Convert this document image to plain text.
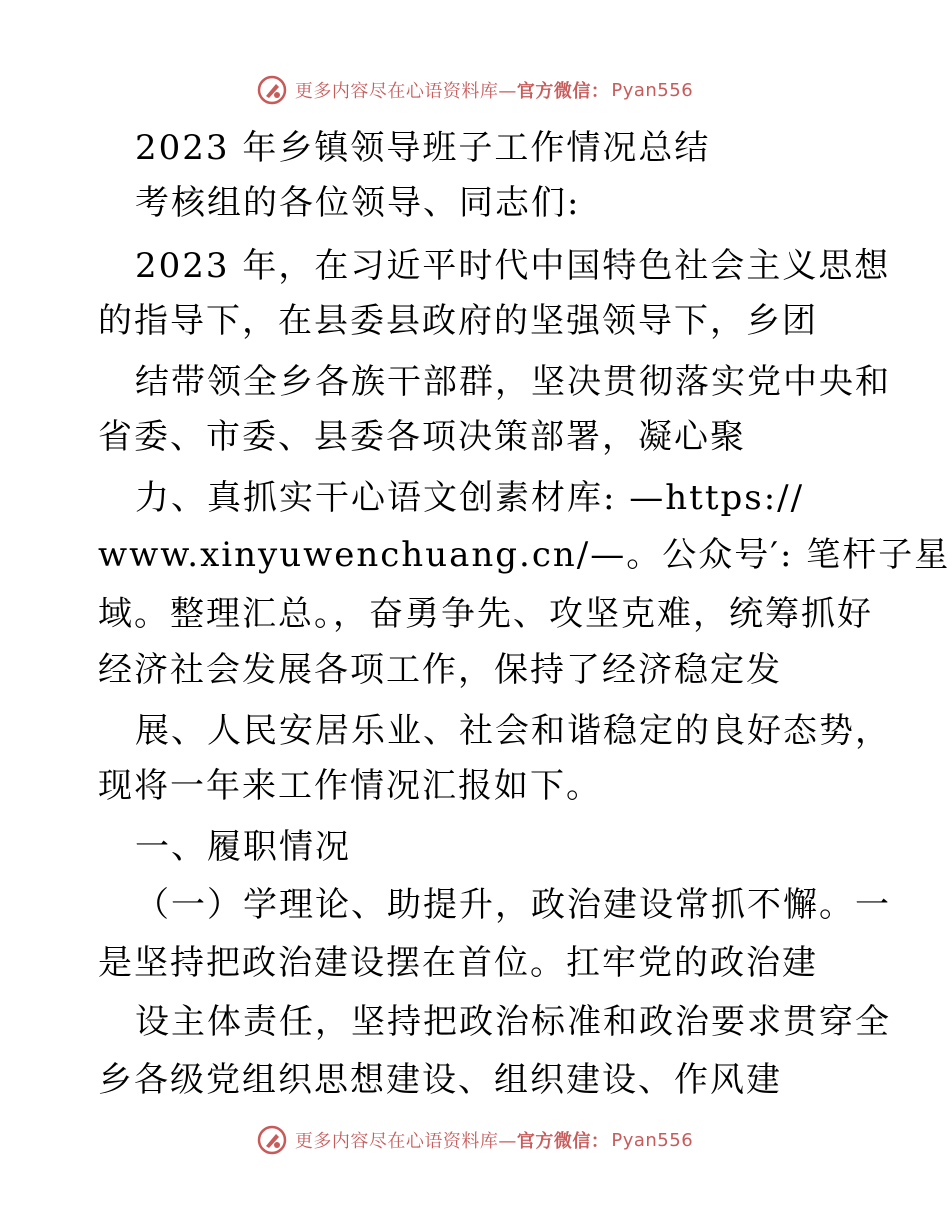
更多内容尽在心语资料库— 官方微信： Pyan556
2023 年乡镇领导班子工作情况总结
考核组的各位领导、同志们:
2023 年，在习近平时代中国特色社会主义思想
的指导下，在县委县政府的坚强领导下，乡团
结带领全乡各族干部群，坚决贯彻落实党中央和
省委、市委、县委各项决策部署，凝心聚
力、真抓实干心语文创素材库: —https://
www.xinyuwenchuang.cn/—。公众号′: 笔杆子星
域。整理汇总。，奋勇争先、攻坚克难，统筹抓好
经济社会发展各项工作，保持了经济稳定发
展、人民安居乐业、社会和谐稳定的良好态势，
现将一年来工作情况汇报如下。
一、履职情况
（一）学理论、助提升，政治建设常抓不懈。一
是坚持把政治建设摆在首位。扛牢党的政治建
设主体责任，坚持把政治标准和政治要求贯穿全
乡各级党组织思想建设、组织建设、作风建
更多内容尽在心语资料库— 官方微信： Pyan556
